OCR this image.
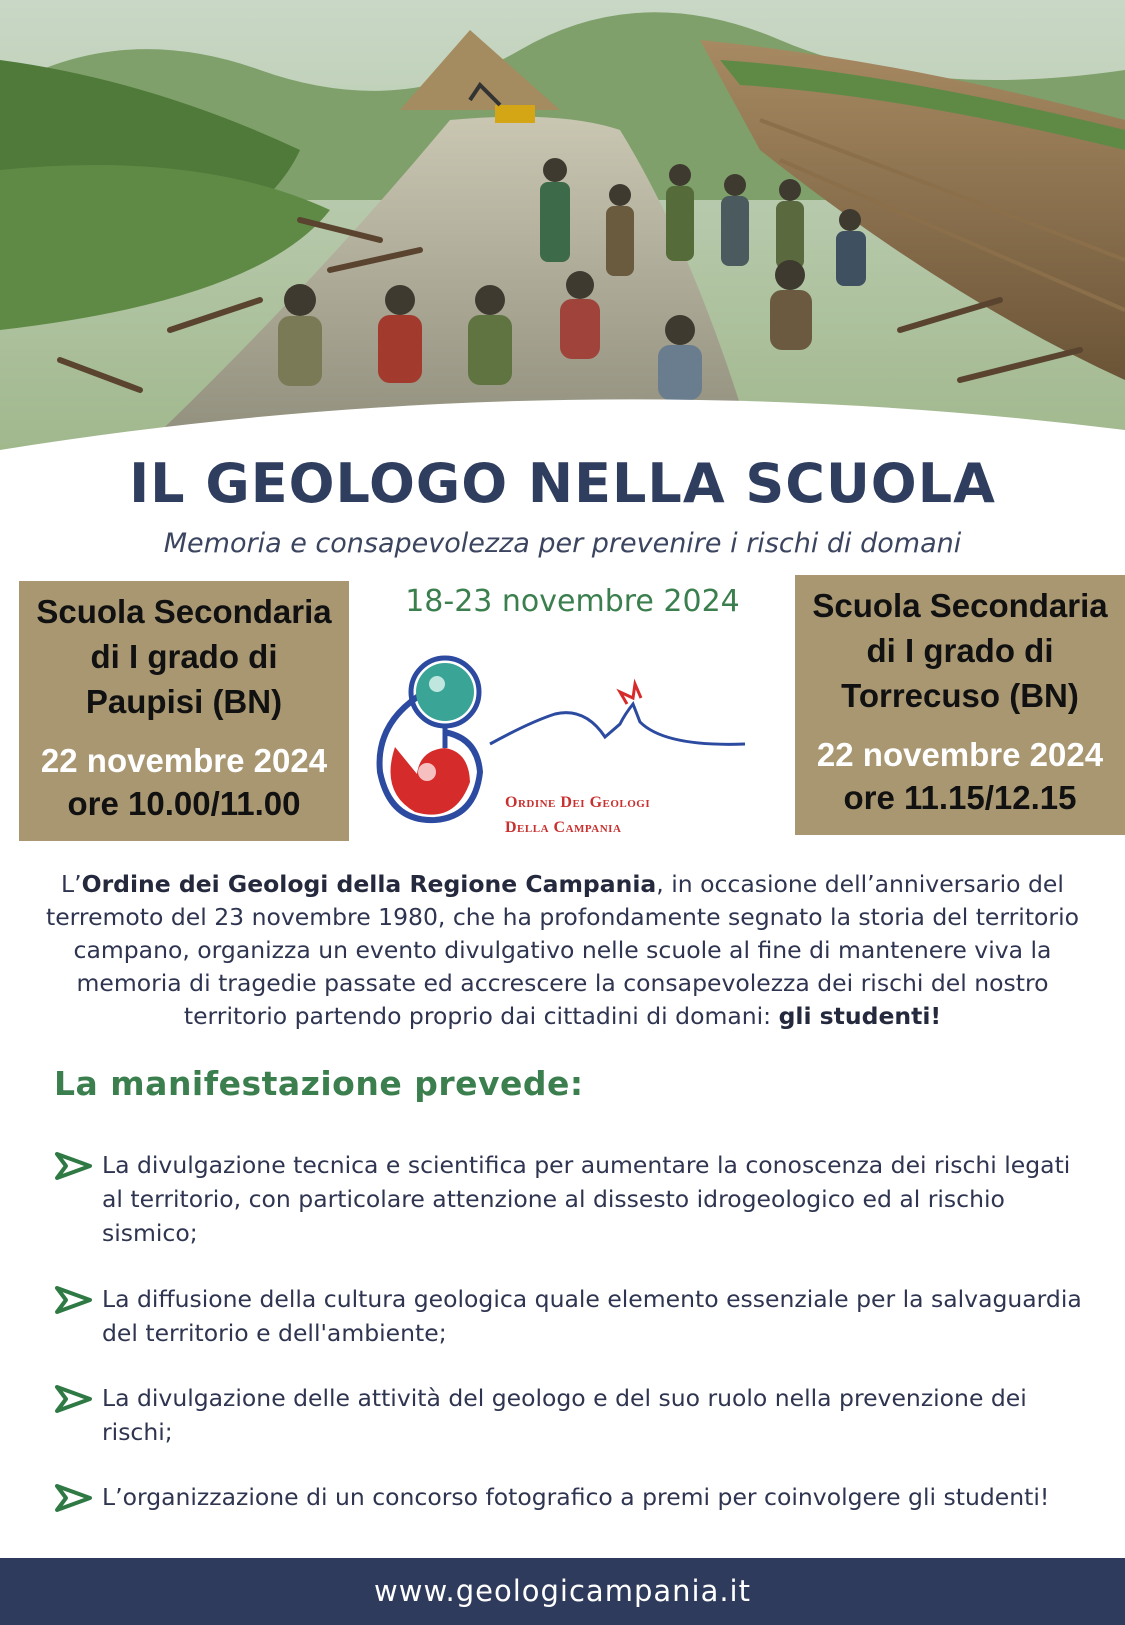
IL GEOLOGO NELLA SCUOLA

Memoria e consapevolezza per prevenire i rischi di domani

Scuola Secondaria
di I grado di
Paupisi (BN)
22 novembre 2024
ore 10.00/11.00
18-23 novembre 2024
Ordine Dei Geologi
Della Campania
Scuola Secondaria
di I grado di
Torrecuso (BN)
22 novembre 2024
ore 11.15/12.15
L’Ordine dei Geologi della Regione Campania, in occasione dell’anniversario del terremoto del 23 novembre 1980, che ha profondamente segnato la storia del territorio campano, organizza un evento divulgativo nelle scuole al fine di mantenere viva la memoria di tragedie passate ed accrescere la consapevolezza dei rischi del nostro territorio partendo proprio dai cittadini di domani: gli studenti!
La manifestazione prevede:
La divulgazione tecnica e scientifica per aumentare la conoscenza dei rischi legati al territorio, con particolare attenzione al dissesto idrogeologico ed al rischio sismico;
La diffusione della cultura geologica quale elemento essenziale per la salvaguardia del territorio e dell'ambiente;
La divulgazione delle attività del geologo e del suo ruolo nella prevenzione dei rischi;
L’organizzazione di un concorso fotografico a premi per coinvolgere gli studenti!
www.geologicampania.it
